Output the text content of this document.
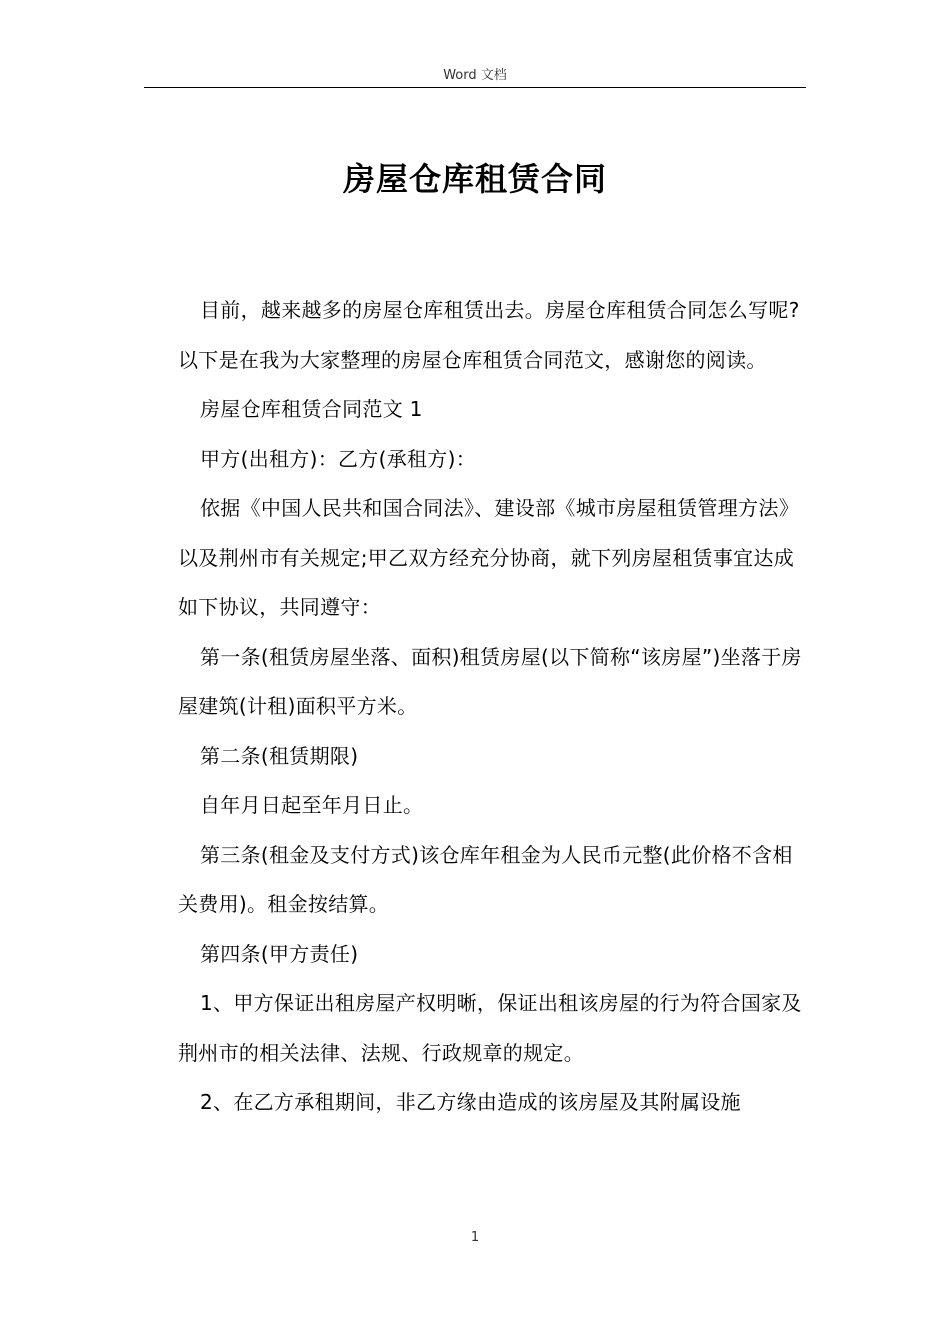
Word 文档
房屋仓库租赁合同

目前，越来越多的房屋仓库租赁出去。房屋仓库租赁合同怎么写呢?以下是在我为大家整理的房屋仓库租赁合同范文，感谢您的阅读。

房屋仓库租赁合同范文 1

甲方(出租方)：乙方(承租方)：

依据《中国人民共和国合同法》、建设部《城市房屋租赁管理方法》以及荆州市有关规定;甲乙双方经充分协商，就下列房屋租赁事宜达成如下协议，共同遵守：

第一条(租赁房屋坐落、面积)租赁房屋(以下简称“该房屋”)坐落于房屋建筑(计租)面积平方米。

第二条(租赁期限)

自年月日起至年月日止。

第三条(租金及支付方式)该仓库年租金为人民币元整(此价格不含相关费用)。租金按结算。

第四条(甲方责任)

1、甲方保证出租房屋产权明晰，保证出租该房屋的行为符合国家及荆州市的相关法律、法规、行政规章的规定。

2、在乙方承租期间，非乙方缘由造成的该房屋及其附属设施

1
